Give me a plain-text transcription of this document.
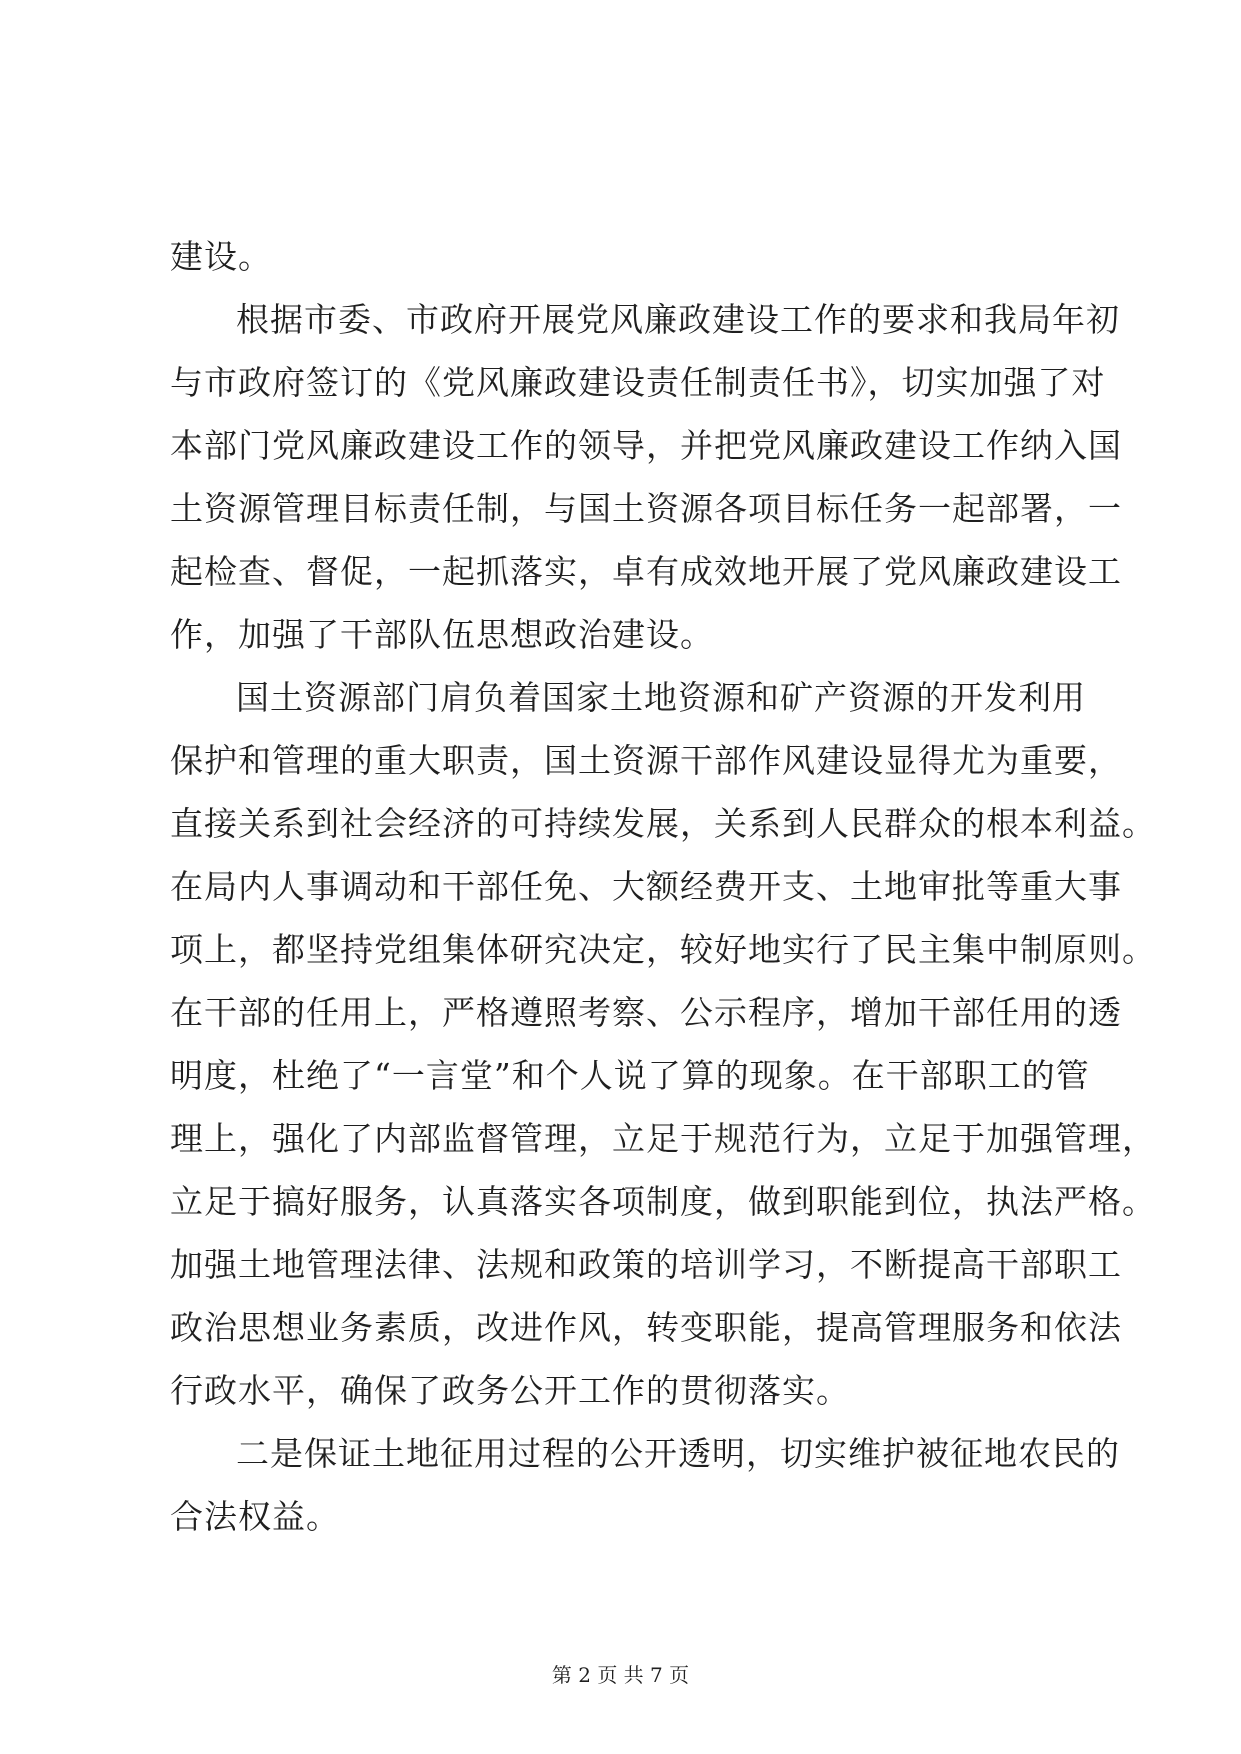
建设。
根据市委、市政府开展党风廉政建设工作的要求和我局年初
与市政府签订的《党风廉政建设责任制责任书》，切实加强了对
本部门党风廉政建设工作的领导，并把党风廉政建设工作纳入国
土资源管理目标责任制，与国土资源各项目标任务一起部署，一
起检查、督促，一起抓落实，卓有成效地开展了党风廉政建设工
作，加强了干部队伍思想政治建设。
国土资源部门肩负着国家土地资源和矿产资源的开发利用
保护和管理的重大职责，国土资源干部作风建设显得尤为重要，
直接关系到社会经济的可持续发展，关系到人民群众的根本利益。
在局内人事调动和干部任免、大额经费开支、土地审批等重大事
项上，都坚持党组集体研究决定，较好地实行了民主集中制原则。
在干部的任用上，严格遵照考察、公示程序，增加干部任用的透
明度，杜绝了“一言堂”和个人说了算的现象。在干部职工的管
理上，强化了内部监督管理，立足于规范行为，立足于加强管理，
立足于搞好服务，认真落实各项制度，做到职能到位，执法严格。
加强土地管理法律、法规和政策的培训学习，不断提高干部职工
政治思想业务素质，改进作风，转变职能，提高管理服务和依法
行政水平，确保了政务公开工作的贯彻落实。
二是保证土地征用过程的公开透明，切实维护被征地农民的
合法权益。
第 2 页 共 7 页
